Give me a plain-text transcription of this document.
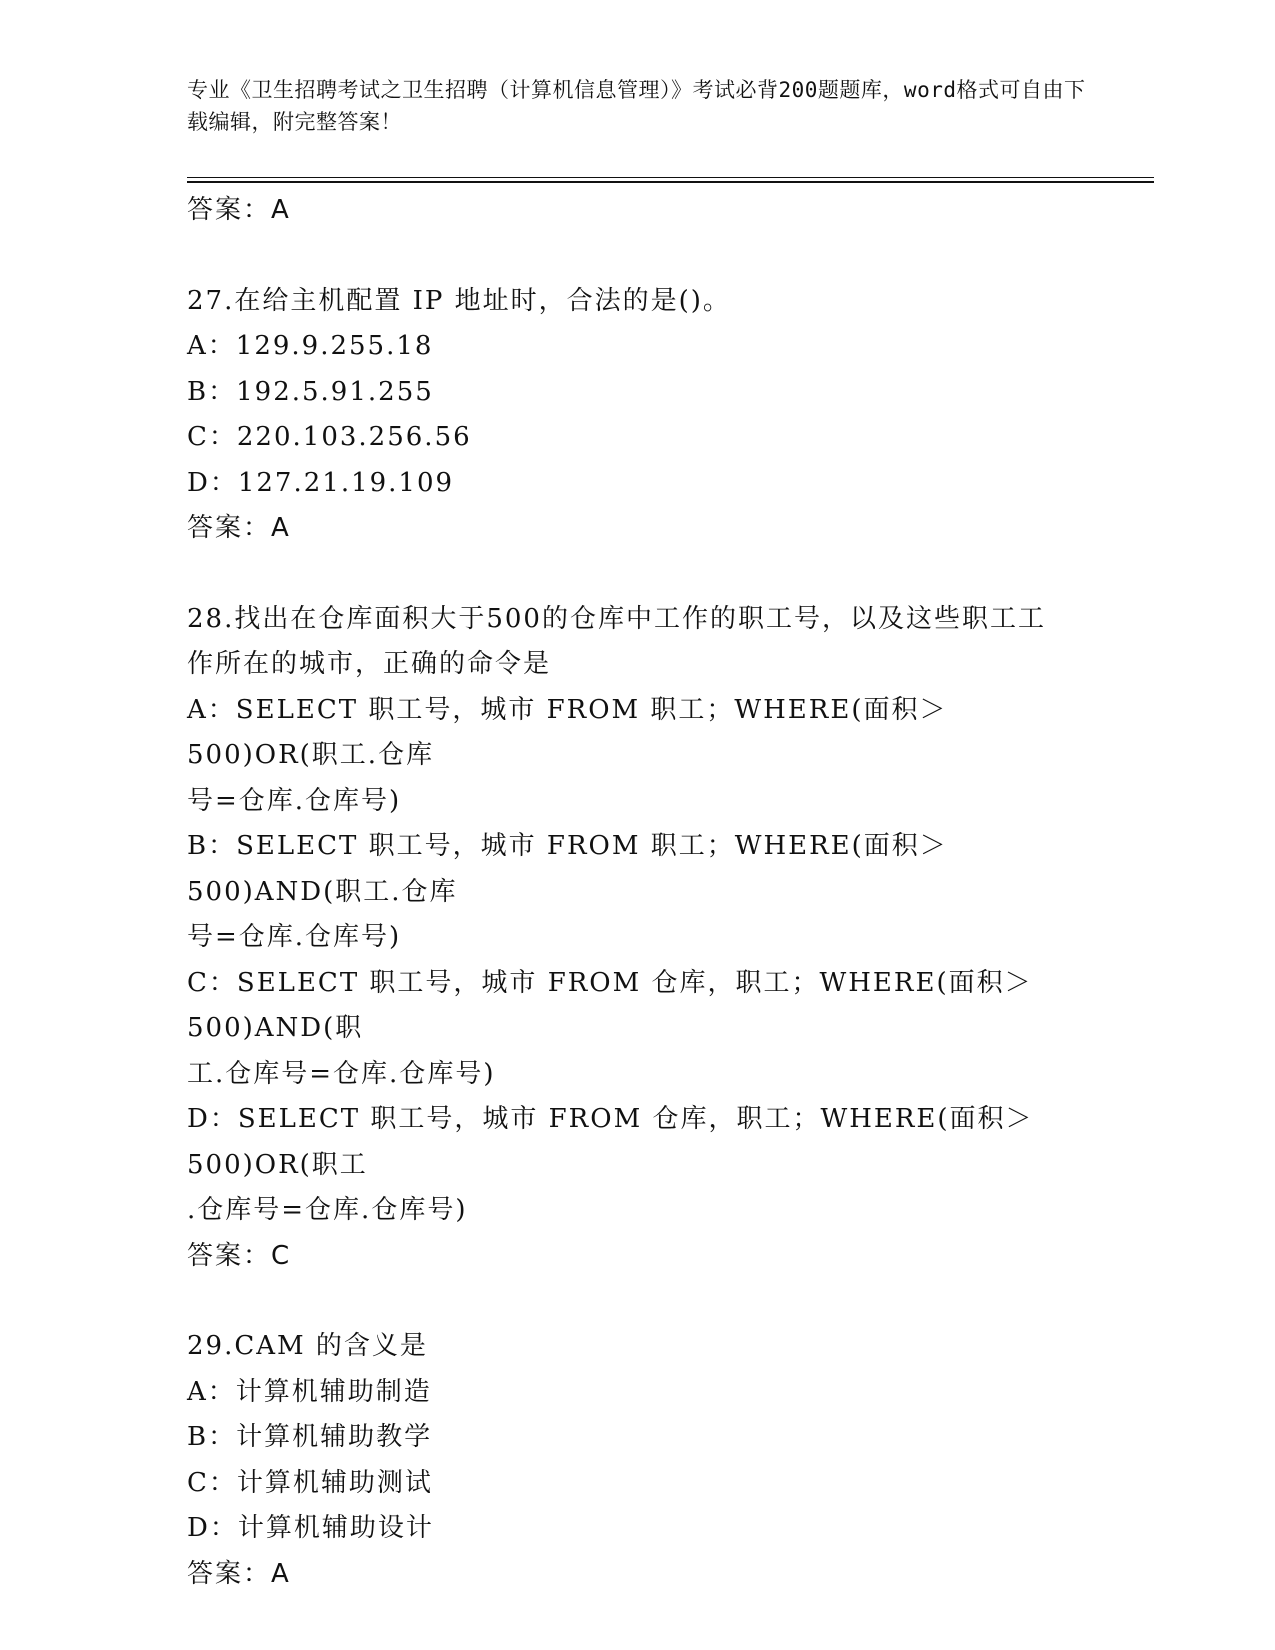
专业《卫生招聘考试之卫生招聘（计算机信息管理）》考试必背200题题库，word格式可自由下载编辑，附完整答案！
答案：A
27.在给主机配置 IP 地址时，合法的是()。
A：129.9.255.18
B：192.5.91.255
C：220.103.256.56
D：127.21.19.109
答案：A
28.找出在仓库面积大于500的仓库中工作的职工号，以及这些职工工
作所在的城市，正确的命令是
A：SELECT 职工号，城市 FROM 职工；WHERE(面积＞500)OR(职工.仓库
号=仓库.仓库号)
B：SELECT 职工号，城市 FROM 职工；WHERE(面积＞500)AND(职工.仓库
号=仓库.仓库号)
C：SELECT 职工号，城市 FROM 仓库，职工；WHERE(面积＞500)AND(职
工.仓库号=仓库.仓库号)
D：SELECT 职工号，城市 FROM 仓库，职工；WHERE(面积＞500)OR(职工
.仓库号=仓库.仓库号)
答案：C
29.CAM 的含义是
A：计算机辅助制造
B：计算机辅助教学
C：计算机辅助测试
D：计算机辅助设计
答案：A
